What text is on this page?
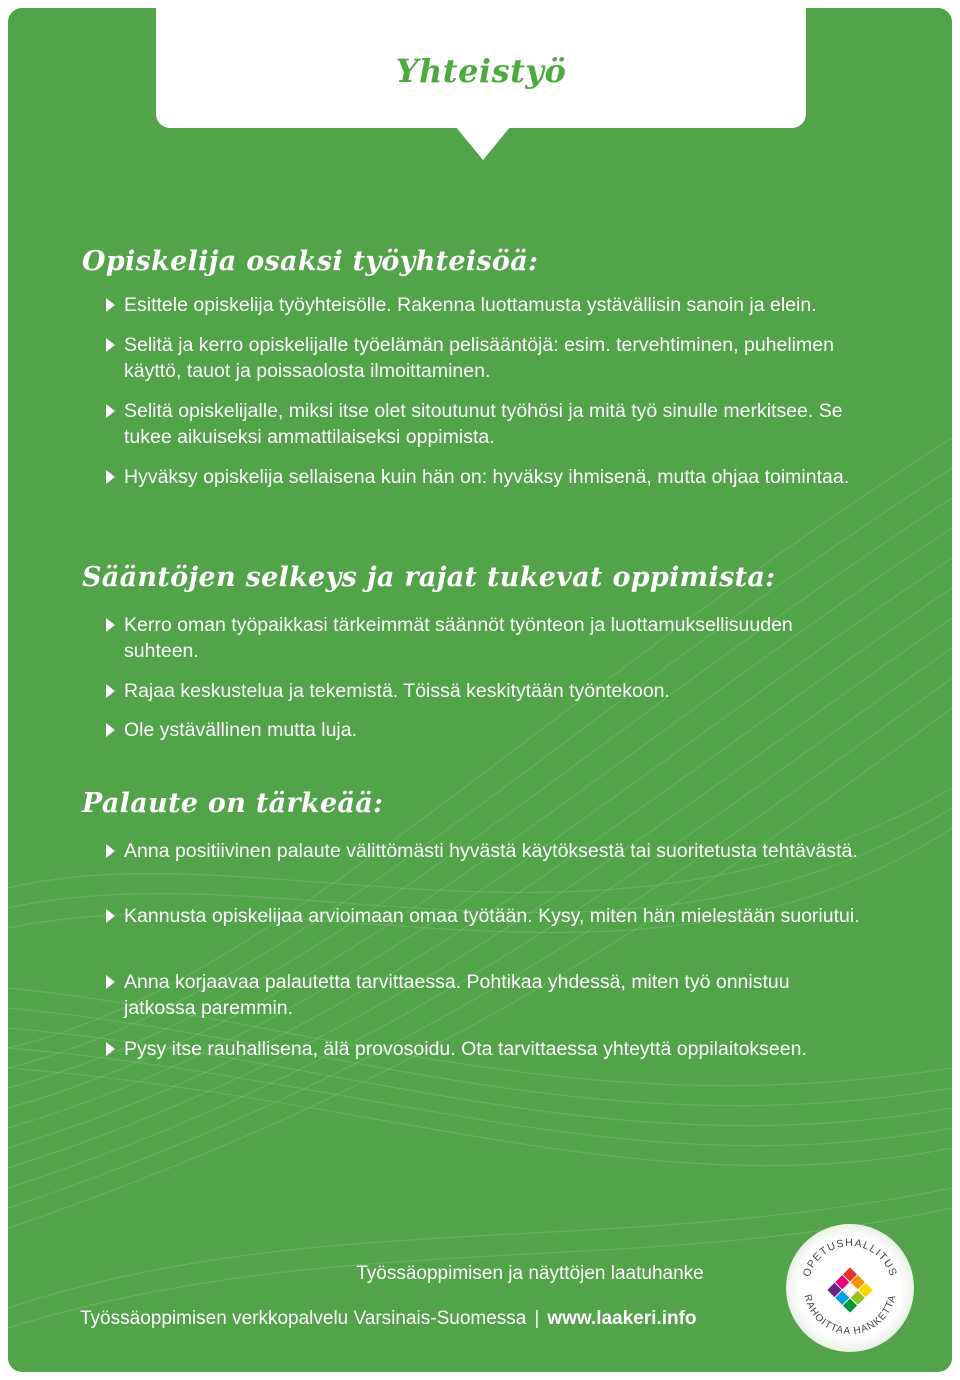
Yhteistyö
Opiskelija osaksi työyhteisöä:
Esittele opiskelija työyhteisölle. Rakenna luottamusta ystävällisin sanoin ja elein.
Selitä ja kerro opiskelijalle työelämän pelisääntöjä: esim. tervehtiminen, puhelimen käyttö, tauot ja poissaolosta ilmoittaminen.
Selitä opiskelijalle, miksi itse olet sitoutunut työhösi ja mitä työ sinulle merkitsee. Se tukee aikuiseksi ammattilaiseksi oppimista.
Hyväksy opiskelija sellaisena kuin hän on: hyväksy ihmisenä, mutta ohjaa toimintaa.
Sääntöjen selkeys ja rajat tukevat oppimista:
Kerro oman työpaikkasi tärkeimmät säännöt työnteon ja luottamuksellisuuden suhteen.
Rajaa keskustelua ja tekemistä. Töissä keskitytään työntekoon.
Ole ystävällinen mutta luja.
Palaute on tärkeää:
Anna positiivinen palaute välittömästi hyvästä käytöksestä tai suoritetusta tehtävästä.
Kannusta opiskelijaa arvioimaan omaa työtään. Kysy, miten hän mielestään suoriutui.
Anna korjaavaa palautetta tarvittaessa. Pohtikaa yhdessä, miten työ onnistuu jatkossa paremmin.
Pysy itse rauhallisena, älä provosoidu. Ota tarvittaessa yhteyttä oppilaitokseen.
Työssäoppimisen ja näyttöjen laatuhanke
Työssäoppimisen verkkopalvelu Varsinais-Suomessa | www.laakeri.info
OPETUSHALLITUS
RAHOITTAA HANKETTA
